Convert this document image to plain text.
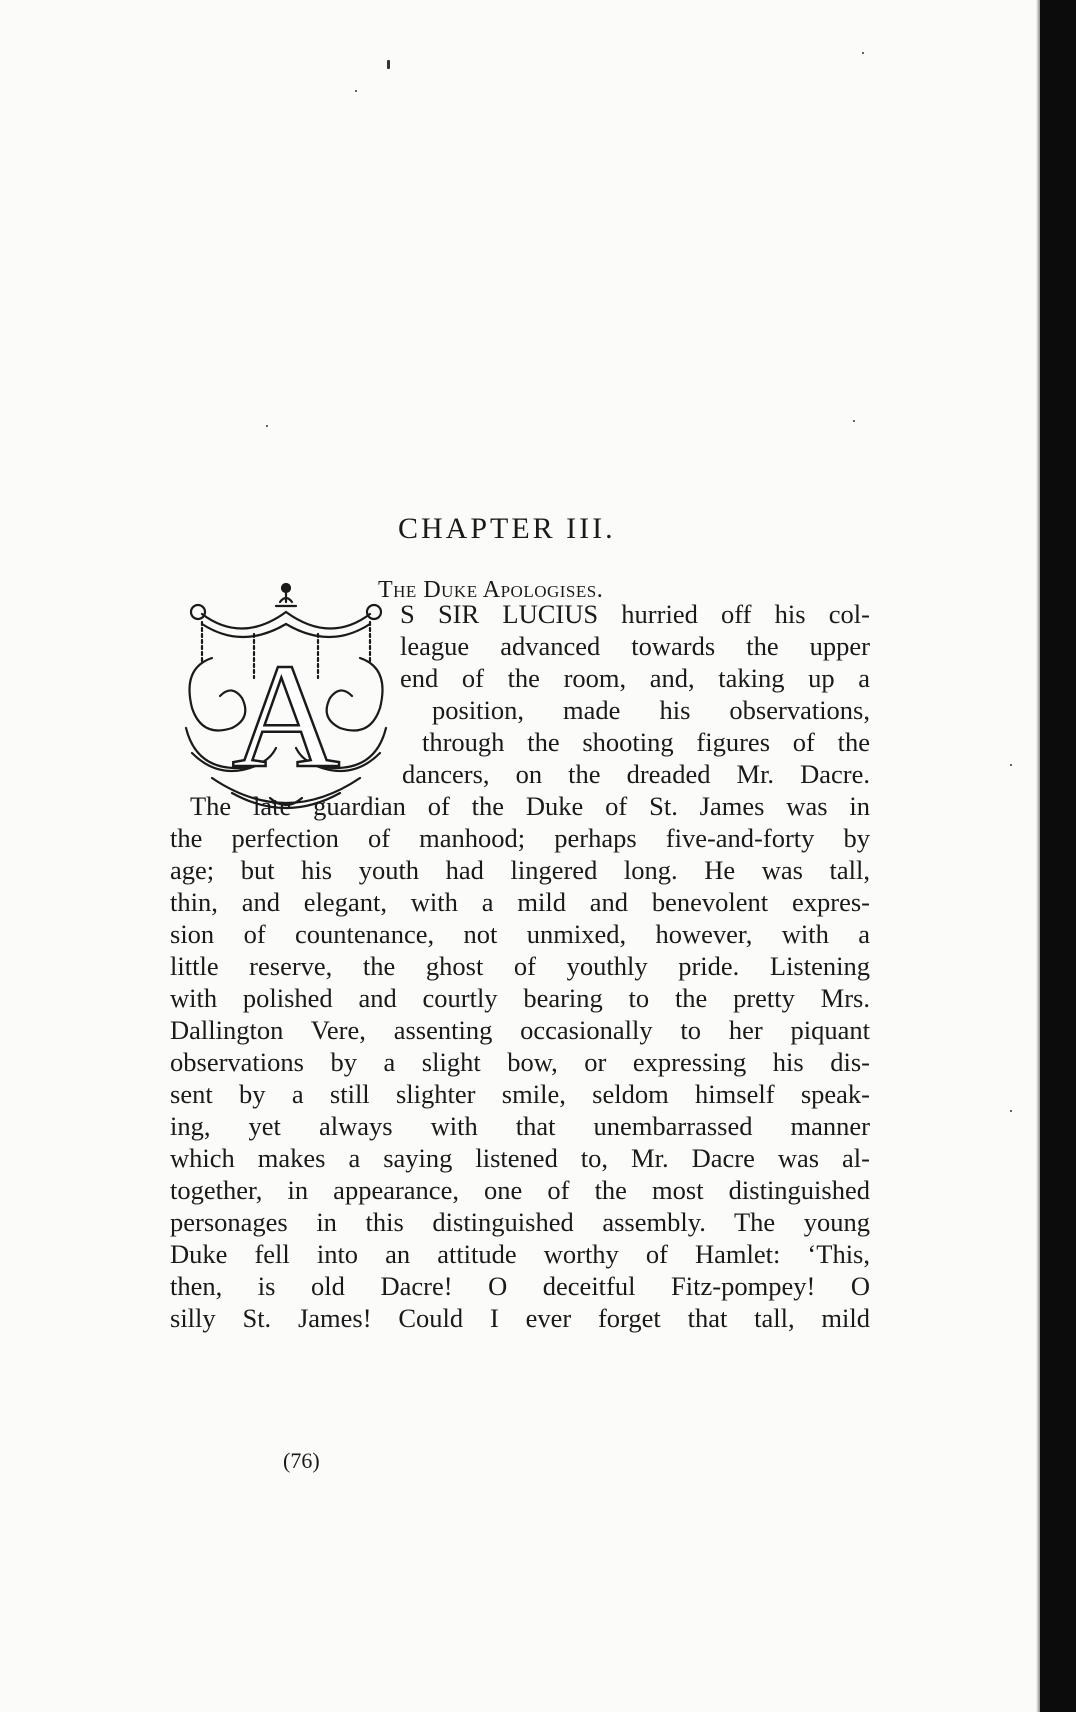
CHAPTER III.
The Duke Apologises.
A
S SIR LUCIUS hurried off his col-
league advanced towards the upper
end of the room, and, taking up a
position, made his observations,
through the shooting figures of the
dancers, on the dreaded Mr. Dacre.
The late guardian of the Duke of St. James was in
the perfection of manhood; perhaps five-and-forty by
age; but his youth had lingered long. He was tall,
thin, and elegant, with a mild and benevolent expres-
sion of countenance, not unmixed, however, with a
little reserve, the ghost of youthly pride. Listening
with polished and courtly bearing to the pretty Mrs.
Dallington Vere, assenting occasionally to her piquant
observations by a slight bow, or expressing his dis-
sent by a still slighter smile, seldom himself speak-
ing, yet always with that unembarrassed manner
which makes a saying listened to, Mr. Dacre was al-
together, in appearance, one of the most distinguished
personages in this distinguished assembly. The young
Duke fell into an attitude worthy of Hamlet: ‘This,
then, is old Dacre! O deceitful Fitz-pompey! O
silly St. James! Could I ever forget that tall, mild
(76)
